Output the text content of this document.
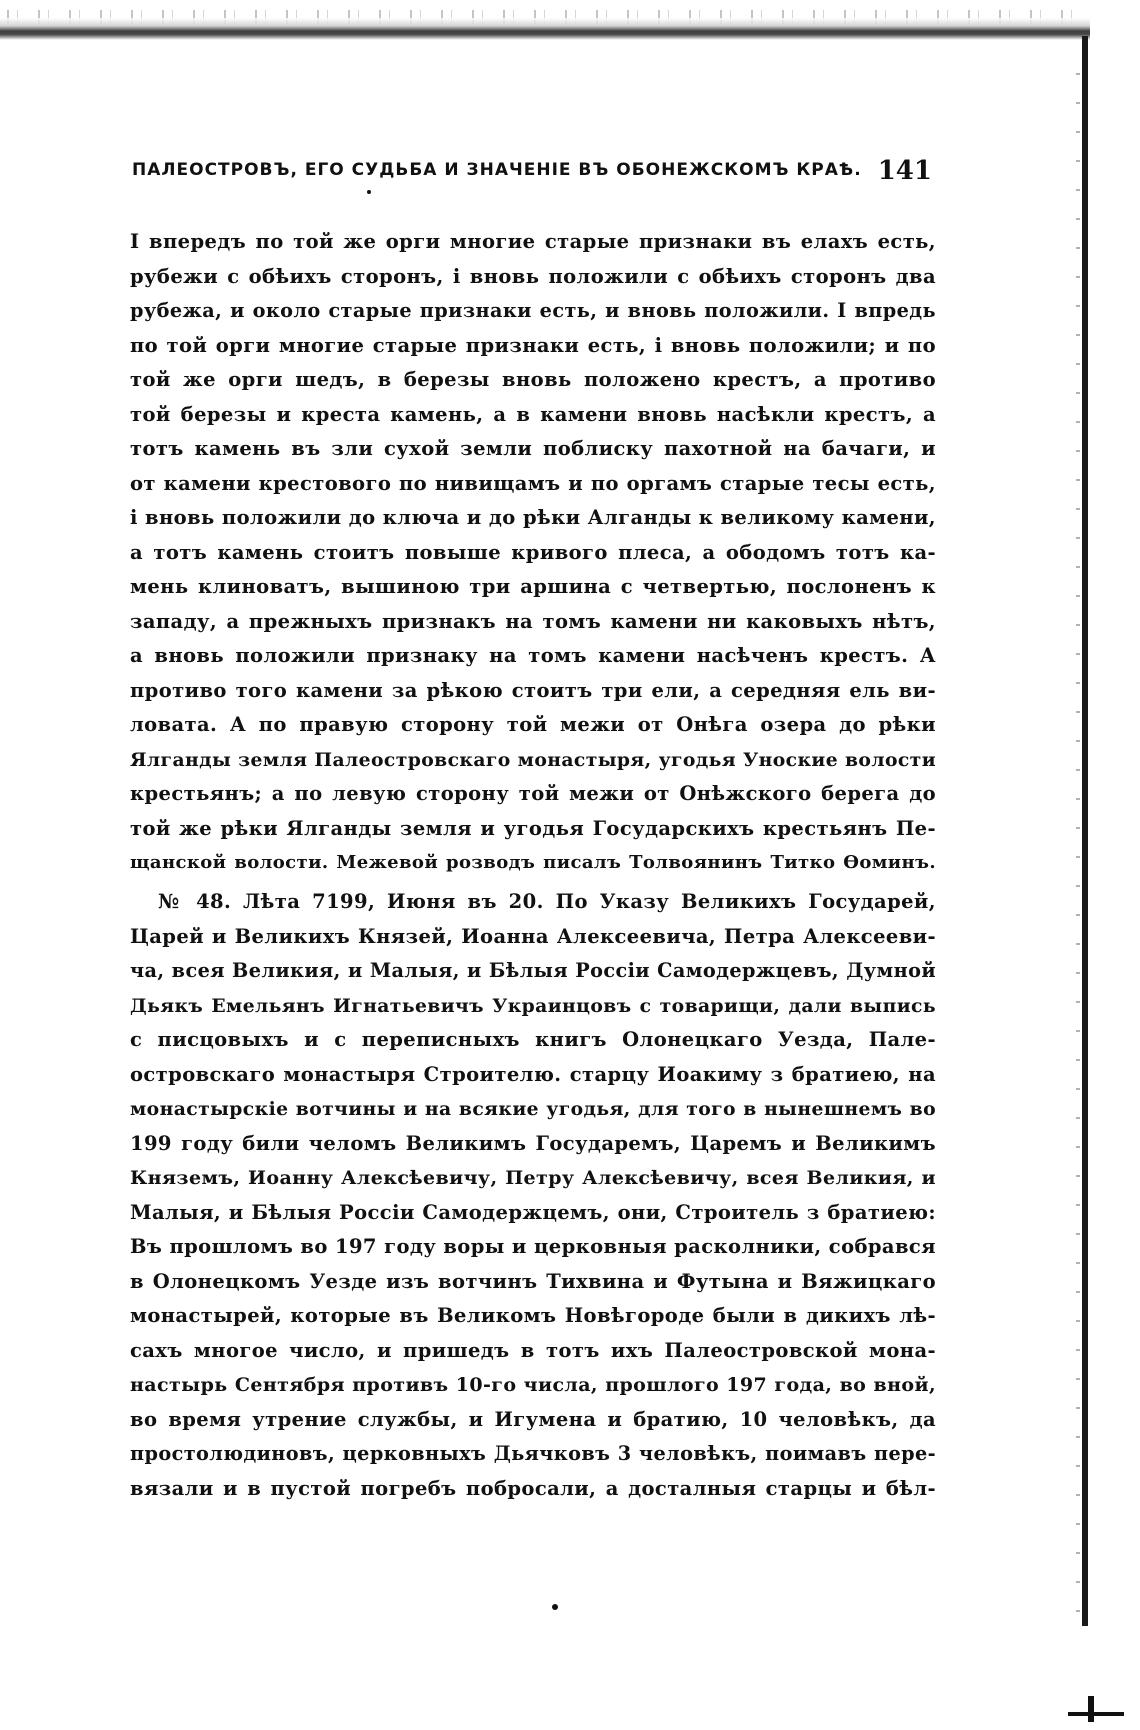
ПАЛЕОСТРОВЪ, ЕГО СУДЬБА И ЗНАЧЕНІЕ ВЪ ОБОНЕЖСКОМЪ КРАѢ. 141
І впередъ по той же орги многие старые признаки въ елахъ есть,
рубежи с обѣихъ сторонъ, і вновь положили с обѣихъ сторонъ два
рубежа, и около старые признаки есть, и вновь положили. І впредь
по той орги многие старые признаки есть, і вновь положили; и по
той же орги шедъ, в березы вновь положено крестъ, а противо
той березы и креста камень, а в камени вновь насѣкли крестъ, а
тотъ камень въ зли сухой земли поблиску пахотной на бачаги, и
от камени крестового по нивищамъ и по оргамъ старые тесы есть,
і вновь положили до ключа и до рѣки Алганды к великому камени,
а тотъ камень стоитъ повыше кривого плеса, а ободомъ тотъ ка-
мень клиноватъ, вышиною три аршина с четвертью, послоненъ к
западу, а прежныхъ признакъ на томъ камени ни каковыхъ нѣтъ,
а вновь положили признаку на томъ камени насѣченъ крестъ. А
противо того камени за рѣкою стоитъ три ели, а середняя ель ви-
ловата. А по правую сторону той межи от Онѣга озера до рѣки
Ялганды земля Палеостровскаго монастыря, угодья Уноские волости
крестьянъ; а по левую сторону той межи от Онѣжского берега до
той же рѣки Ялганды земля и угодья Государскихъ крестьянъ Пе-
щанской волости. Межевой розводъ писалъ Толвоянинъ Титко Ѳоминъ.
№ 48. Лѣта 7199, Июня въ 20. По Указу Великихъ Государей,
Царей и Великихъ Князей, Иоанна Алексеевича, Петра Алексееви-
ча, всея Великия, и Малыя, и Бѣлыя Россіи Самодержцевъ, Думной
Дьякъ Емельянъ Игнатьевичъ Украинцовъ с товарищи, дали выпись
с писцовыхъ и с переписныхъ книгъ Олонецкаго Уезда, Пале-
островскаго монастыря Строителю. старцу Иоакиму з братиею, на
монастырскіе вотчины и на всякие угодья, для того в нынешнемъ во
199 году били челомъ Великимъ Государемъ, Царемъ и Великимъ
Княземъ, Иоанну Алексѣевичу, Петру Алексѣевичу, всея Великия, и
Малыя, и Бѣлыя Россіи Самодержцемъ, они, Строитель з братиею:
Въ прошломъ во 197 году воры и церковныя расколники, собрався
в Олонецкомъ Уезде изъ вотчинъ Тихвина и Футына и Вяжицкаго
монастырей, которые въ Великомъ Новѣгороде были в дикихъ лѣ-
сахъ многое число, и пришедъ в тотъ ихъ Палеостровской мона-
настырь Сентября противъ 10-го числа, прошлого 197 года, во вной,
во время утрение службы, и Игумена и братию, 10 человѣкъ, да
простолюдиновъ, церковныхъ Дьячковъ 3 человѣкъ, поимавъ пере-
вязали и в пустой погребъ побросали, а досталныя старцы и бѣл-
